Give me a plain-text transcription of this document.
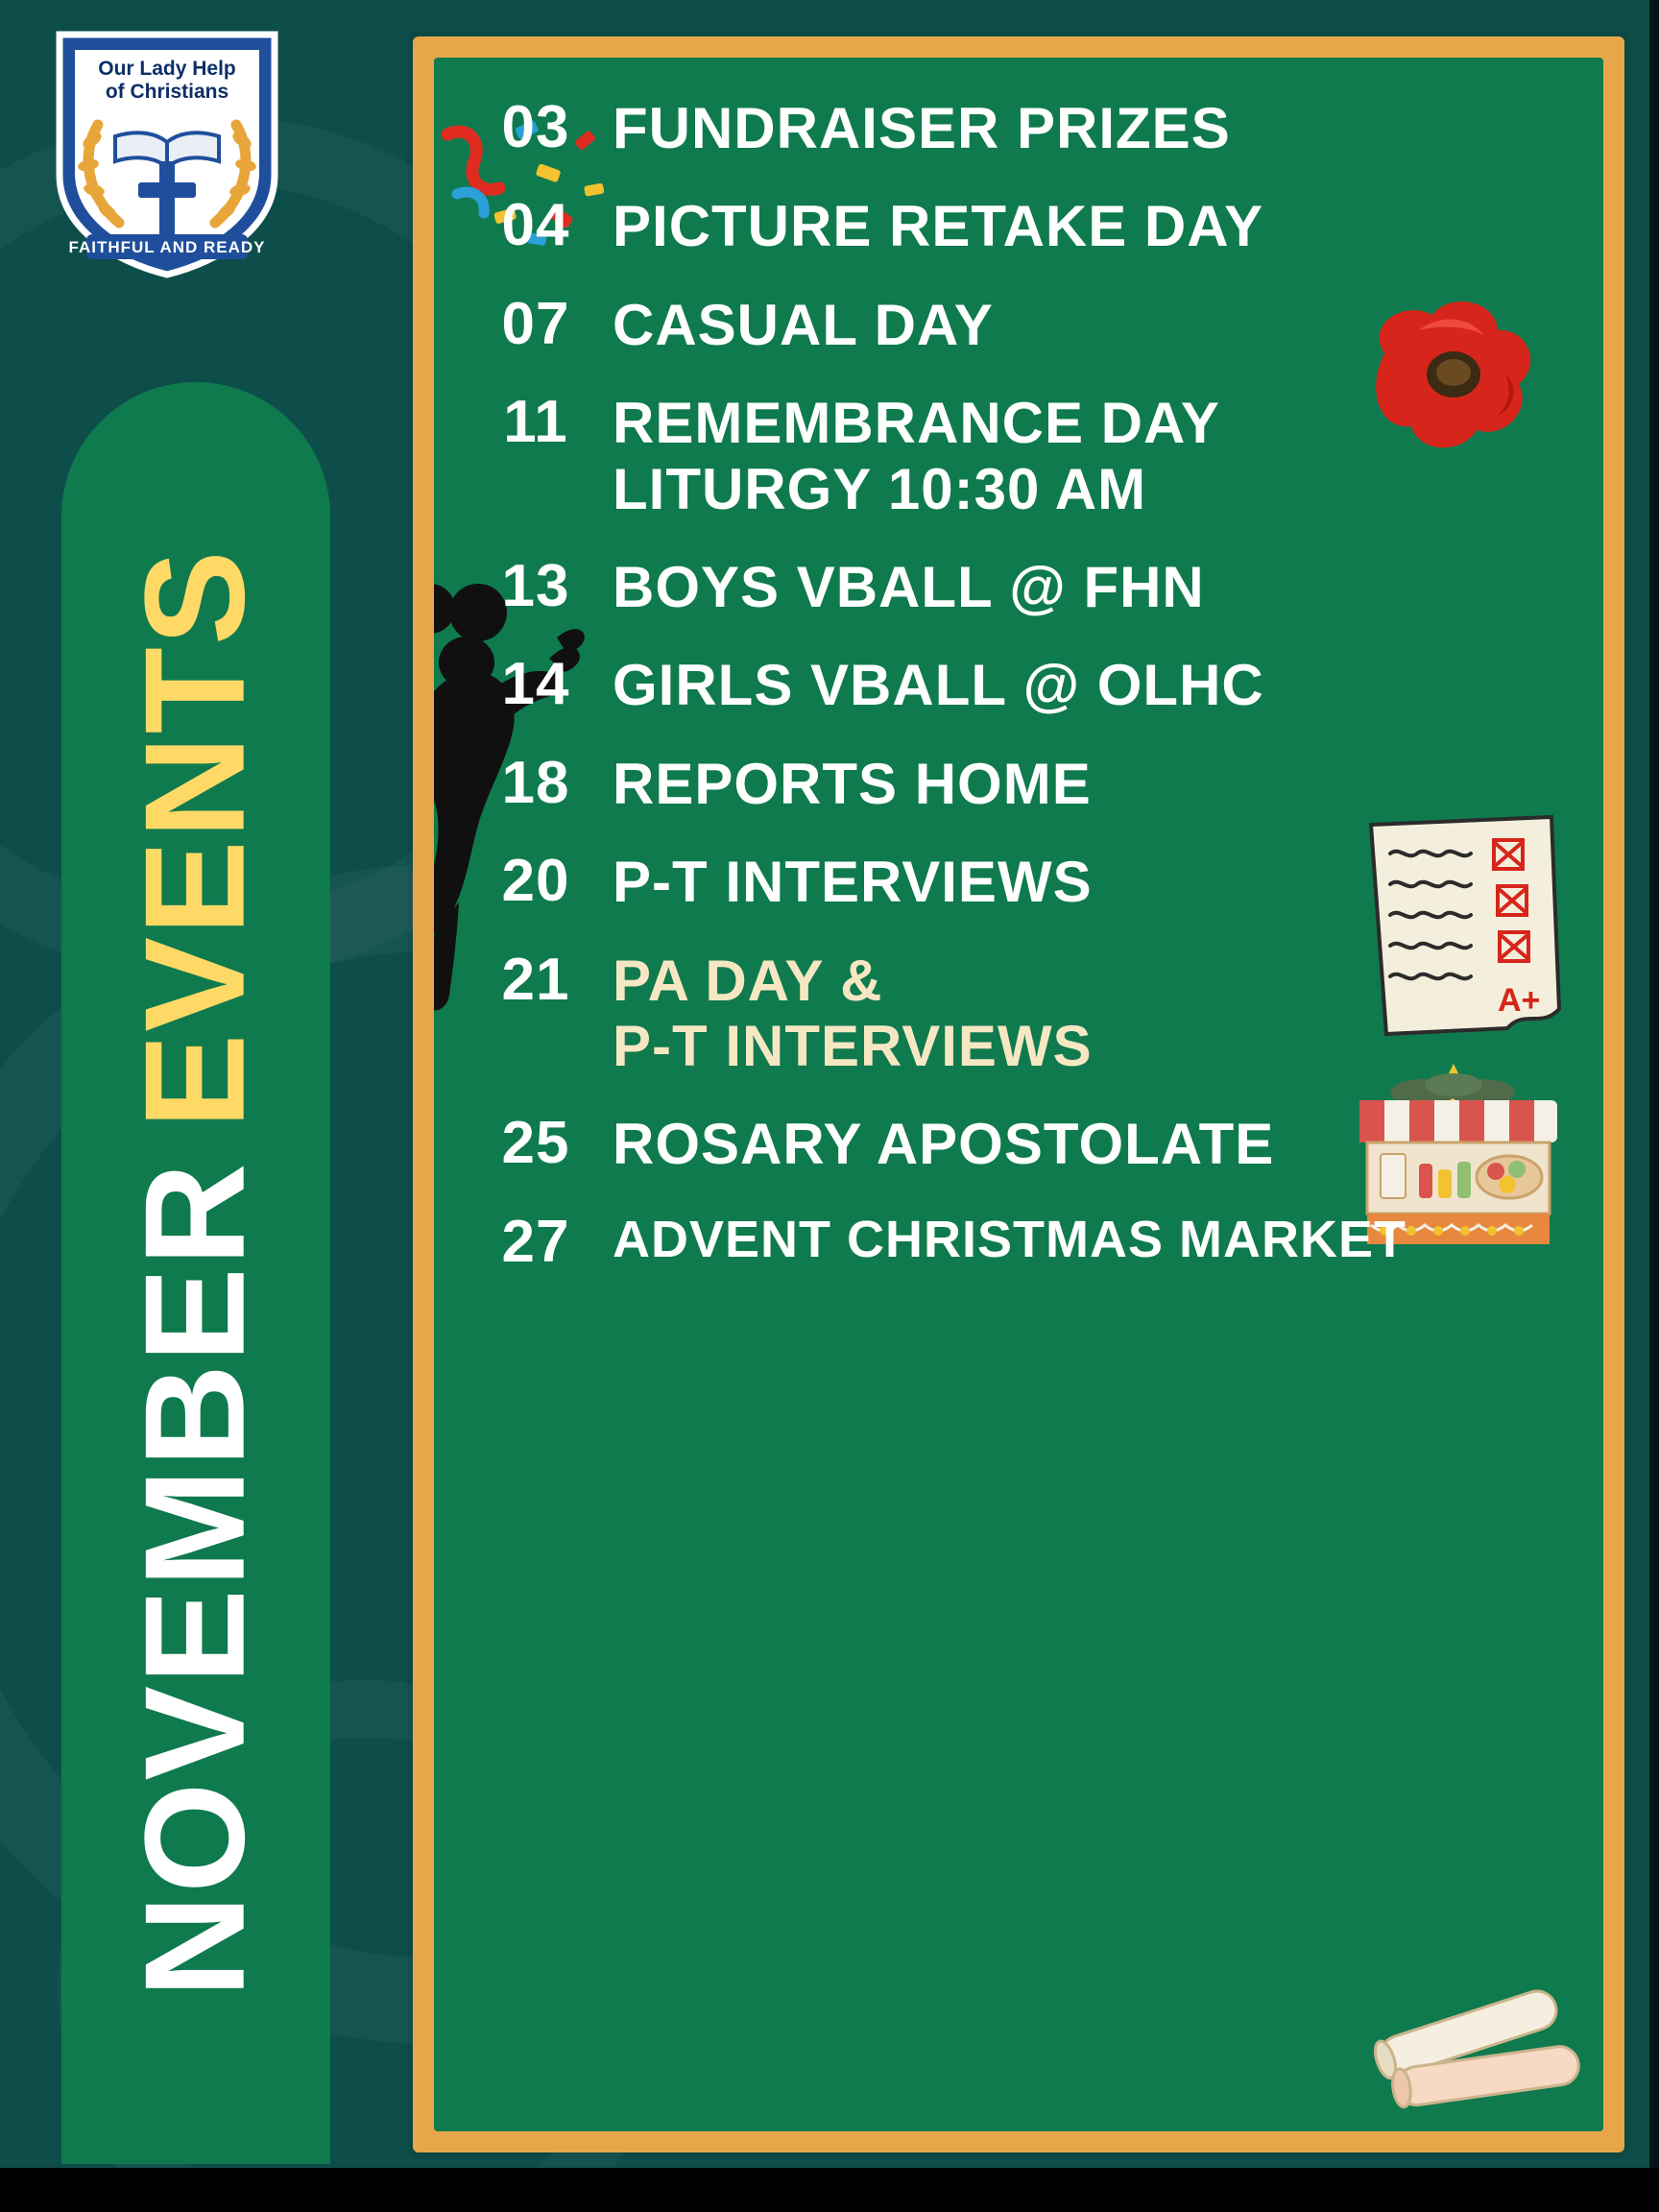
Our Lady Help
of Christians
FAITHFUL AND READY
NOVEMBER
EVENTS	A+
03 FUNDRAISER PRIZES
04 PICTURE RETAKE DAY
07 CASUAL DAY
11 REMEMBRANCE DAY
LITURGY 10:30 AM
13 BOYS VBALL @ FHN
14 GIRLS VBALL @ OLHC
18 REPORTS HOME
20 P-T INTERVIEWS
21 PA DAY &
P-T INTERVIEWS
25 ROSARY APOSTOLATE
27 ADVENT CHRISTMAS MARKET
